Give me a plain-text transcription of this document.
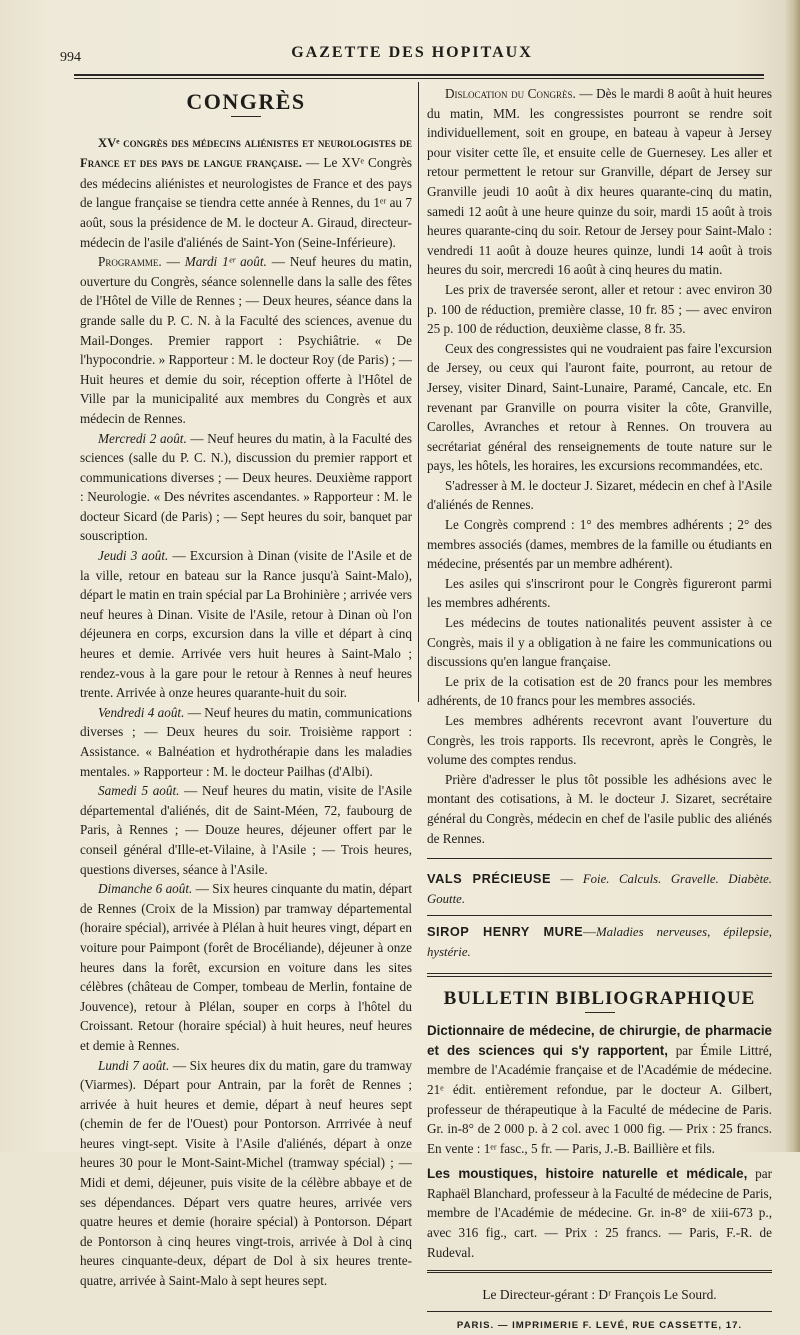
994	GAZETTE DES HOPITAUX
CONGRÈS

XVᵉ congrès des médecins aliénistes et neurologistes de France et des pays de langue française. — Le XVᵉ Congrès des médecins aliénistes et neurologistes de France et des pays de langue française se tiendra cette année à Rennes, du 1ᵉʳ au 7 août, sous la présidence de M. le docteur A. Giraud, directeur-médecin de l'asile d'aliénés de Saint-Yon (Seine-Inférieure).

Programme. — Mardi 1ᵉʳ août. — Neuf heures du matin, ouverture du Congrès, séance solennelle dans la salle des fêtes de l'Hôtel de Ville de Rennes ; — Deux heures, séance dans la grande salle du P. C. N. à la Faculté des sciences, avenue du Mail-Donges. Premier rapport : Psychiâtrie. « De l'hypocondrie. » Rapporteur : M. le docteur Roy (de Paris) ; — Huit heures et demie du soir, réception offerte à l'Hôtel de Ville par la municipalité aux membres du Congrès et aux médecin de Rennes.

Mercredi 2 août. — Neuf heures du matin, à la Faculté des sciences (salle du P. C. N.), discussion du premier rapport et communications diverses ; — Deux heures. Deuxième rapport : Neurologie. « Des névrites ascendantes. » Rapporteur : M. le docteur Sicard (de Paris) ; — Sept heures du soir, banquet par souscription.

Jeudi 3 août. — Excursion à Dinan (visite de l'Asile et de la ville, retour en bateau sur la Rance jusqu'à Saint-Malo), départ le matin en train spécial par La Brohinière ; arrivée vers neuf heures à Dinan. Visite de l'Asile, retour à Dinan où l'on déjeunera en corps, excursion dans la ville et départ à cinq heures et demie. Arrivée vers huit heures à Saint-Malo ; rendez-vous à la gare pour le retour à Rennes à neuf heures trente. Arrivée à onze heures quarante-huit du soir.

Vendredi 4 août. — Neuf heures du matin, communications diverses ; — Deux heures du soir. Troisième rapport : Assistance. « Balnéation et hydrothérapie dans les maladies mentales. » Rapporteur : M. le docteur Pailhas (d'Albi).

Samedi 5 août. — Neuf heures du matin, visite de l'Asile départemental d'aliénés, dit de Saint-Méen, 72, faubourg de Paris, à Rennes ; — Douze heures, déjeuner offert par le conseil général d'Ille-et-Vilaine, à l'Asile ; — Trois heures, questions diverses, séance à l'Asile.

Dimanche 6 août. — Six heures cinquante du matin, départ de Rennes (Croix de la Mission) par tramway départemental (horaire spécial), arrivée à Plélan à huit heures vingt, départ en voiture pour Paimpont (forêt de Brocéliande), déjeuner à onze heures dans la forêt, excursion en voiture dans les sites célèbres (château de Comper, tombeau de Merlin, fontaine de Jouvence), retour à Plélan, souper en corps à l'hôtel du Croissant. Retour (horaire spécial) à huit heures, neuf heures et demie à Rennes.

Lundi 7 août. — Six heures dix du matin, gare du tramway (Viarmes). Départ pour Antrain, par la forêt de Rennes ; arrivée à huit heures et demie, départ à neuf heures sept (chemin de fer de l'Ouest) pour Pontorson. Arrrivée à neuf heures vingt-sept. Visite à l'Asile d'aliénés, départ à onze heures 30 pour le Mont-Saint-Michel (tramway spécial) ; — Midi et demi, déjeuner, puis visite de la célèbre abbaye et de ses dépendances. Départ vers quatre heures, arrivée vers quatre heures et demie (horaire spécial) à Pontorson. Départ de Pontorson à cinq heures vingt-trois, arrivée à Dol à cinq heures cinquante-deux, départ de Dol à six heures trente-quatre, arrivée à Saint-Malo à sept heures sept.

Dislocation du Congrès. — Dès le mardi 8 août à huit heures du matin, MM. les congressistes pourront se rendre soit individuellement, soit en groupe, en bateau à vapeur à Jersey pour visiter cette île, et ensuite celle de Guernesey. Les aller et retour permettent le retour sur Granville, départ de Jersey sur Granville jeudi 10 août à dix heures quarante-cinq du matin, samedi 12 août à une heure quinze du soir, mardi 15 août à trois heures quarante-cinq du soir. Retour de Jersey pour Saint-Malo : vendredi 11 août à douze heures quinze, lundi 14 août à trois heures du soir, mercredi 16 août à cinq heures du matin.

Les prix de traversée seront, aller et retour : avec environ 30 p. 100 de réduction, première classe, 10 fr. 85 ; — avec environ 25 p. 100 de réduction, deuxième classe, 8 fr. 35.

Ceux des congressistes qui ne voudraient pas faire l'excursion de Jersey, ou ceux qui l'auront faite, pourront, au retour de Jersey, visiter Dinard, Saint-Lunaire, Paramé, Cancale, etc. En revenant par Granville on pourra visiter la côte, Granville, Carolles, Avranches et retour à Rennes. On trouvera au secrétariat général des renseignements de toute nature sur le pays, les hôtels, les horaires, les excursions recommandées, etc.

S'adresser à M. le docteur J. Sizaret, médecin en chef à l'Asile d'aliénés de Rennes.

Le Congrès comprend : 1° des membres adhérents ; 2° des membres associés (dames, membres de la famille ou étudiants en médecine, présentés par un membre adhérent).

Les asiles qui s'inscriront pour le Congrès figureront parmi les membres adhérents.

Les médecins de toutes nationalités peuvent assister à ce Congrès, mais il y a obligation à ne faire les communications ou discussions qu'en langue française.

Le prix de la cotisation est de 20 francs pour les membres adhérents, de 10 francs pour les membres associés.

Les membres adhérents recevront avant l'ouverture du Congrès, les trois rapports. Ils recevront, après le Congrès, le volume des comptes rendus.

Prière d'adresser le plus tôt possible les adhésions avec le montant des cotisations, à M. le docteur J. Sizaret, secrétaire général du Congrès, médecin en chef de l'asile public des aliénés de Rennes.

VALS PRÉCIEUSE — Foie. Calculs. Gravelle. Diabète. Goutte.

SIROP HENRY MURE—Maladies nerveuses, épilepsie, hystérie.

BULLETIN BIBLIOGRAPHIQUE

Dictionnaire de médecine, de chirurgie, de pharmacie et des sciences qui s'y rapportent, par Émile Littré, membre de l'Académie française et de l'Académie de médecine. 21ᵉ édit. entièrement refondue, par le docteur A. Gilbert, professeur de thérapeutique à la Faculté de médecine de Paris. Gr. in-8° de 2 000 p. à 2 col. avec 1 000 fig. — Prix : 25 francs. En vente : 1ᵉʳ fasc., 5 fr. — Paris, J.-B. Baillière et fils.

Les moustiques, histoire naturelle et médicale, par Raphaël Blanchard, professeur à la Faculté de médecine de Paris, membre de l'Académie de médecine. Gr. in-8° de xiii-673 p., avec 316 fig., cart. — Prix : 25 francs. — Paris, F.-R. de Rudeval.

Le Directeur-gérant : Dʳ François Le Sourd.
PARIS. — IMPRIMERIE F. LEVÉ, RUE CASSETTE, 17.
